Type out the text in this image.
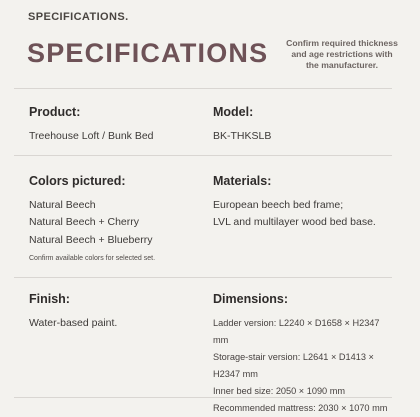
SPECIFICATIONS.
SPECIFICATIONS Confirm required thickness and age restrictions with the manufacturer.
Product:
Treehouse Loft / Bunk Bed
Model:
BK-THKSLB
Colors pictured:
Natural Beech
Natural Beech + Cherry
Natural Beech + Blueberry
Confirm available colors for selected set.
Materials:
European beech bed frame;
LVL and multilayer wood bed base.
Finish:
Water-based paint.
Dimensions:
Ladder version: L2240 × D1658 × H2347 mm
Storage-stair version: L2641 × D1413 × H2347 mm
Inner bed size: 2050 × 1090 mm
Recommended mattress: 2030 × 1070 mm
